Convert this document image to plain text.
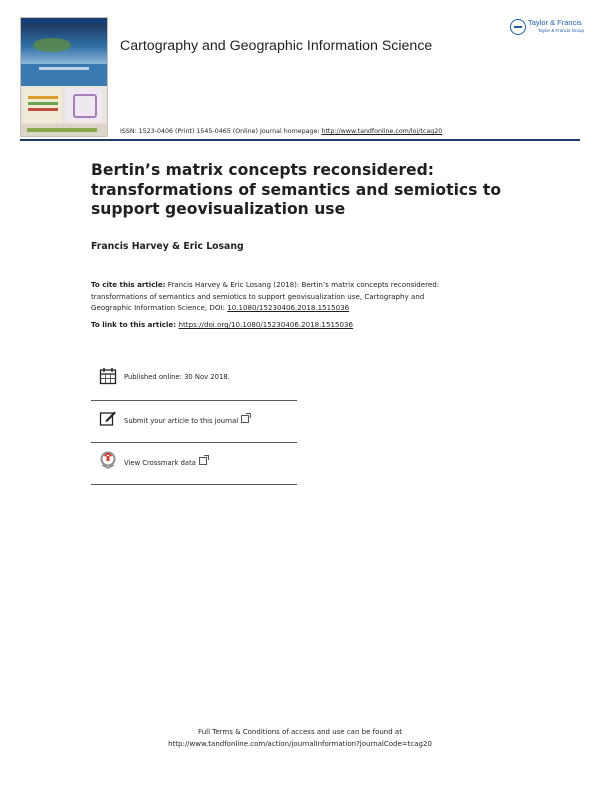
Cartography and Geographic Information Science
Taylor & Francis
Taylor & Francis Group
ISSN: 1523-0406 (Print) 1545-0465 (Online) Journal homepage: http://www.tandfonline.com/loi/tcag20
Bertin’s matrix concepts reconsidered:
transformations of semantics and semiotics to
support geovisualization use
Francis Harvey & Eric Losang
To cite this article: Francis Harvey & Eric Losang (2018): Bertin’s matrix concepts reconsidered:
transformations of semantics and semiotics to support geovisualization use, Cartography and
Geographic Information Science, DOI: 10.1080/15230406.2018.1515036
To link to this article: https://doi.org/10.1080/15230406.2018.1515036
Published online: 30 Nov 2018.
Submit your article to this journal
View Crossmark data
Full Terms & Conditions of access and use can be found at
http://www.tandfonline.com/action/journalInformation?journalCode=tcag20
